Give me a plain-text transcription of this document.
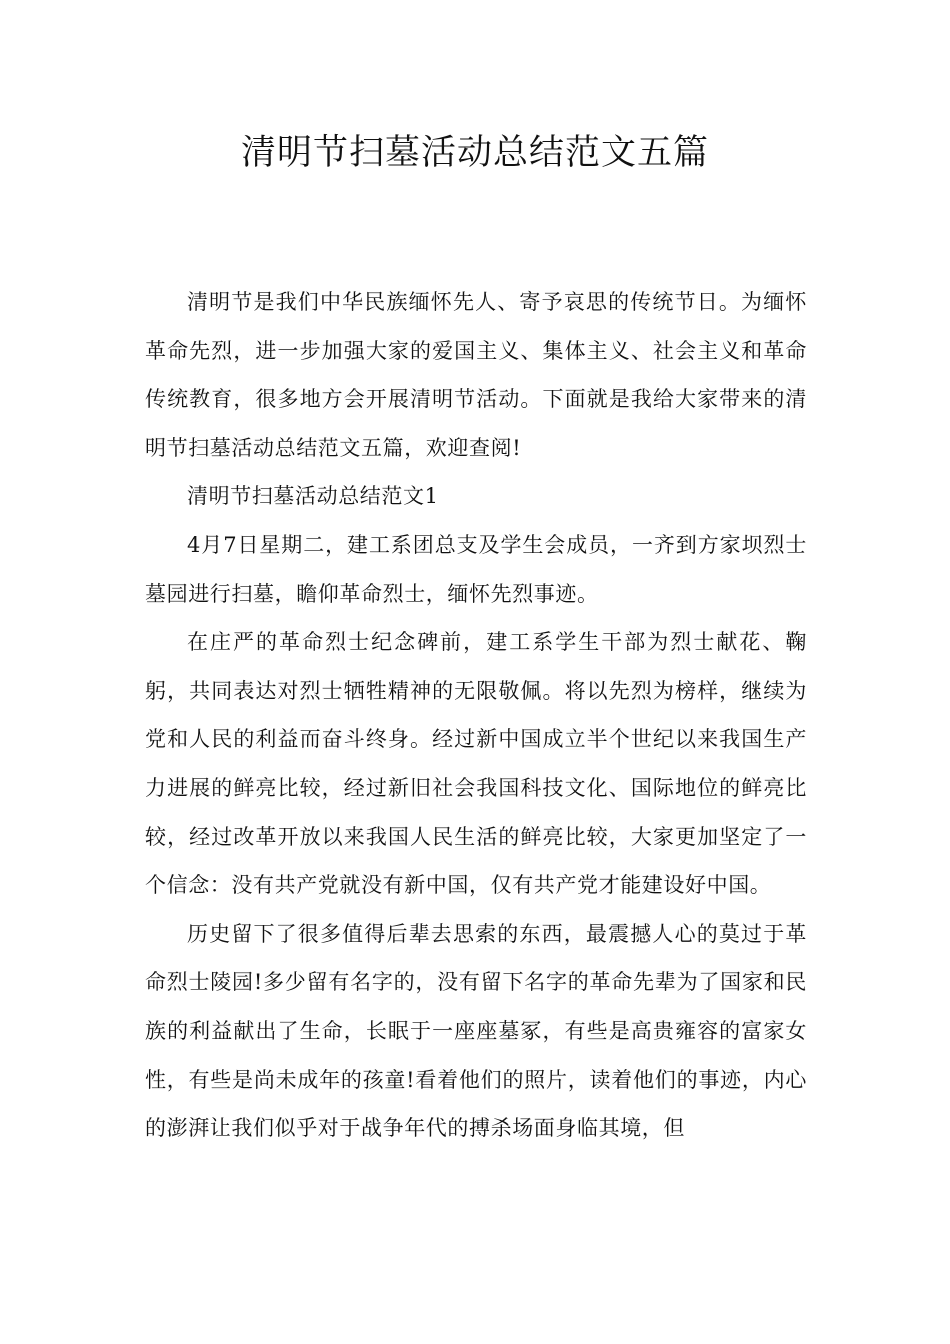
清明节扫墓活动总结范文五篇

清明节是我们中华民族缅怀先人、寄予哀思的传统节日。为缅怀革命先烈，进一步加强大家的爱国主义、集体主义、社会主义和革命传统教育，很多地方会开展清明节活动。下面就是我给大家带来的清明节扫墓活动总结范文五篇，欢迎查阅!

清明节扫墓活动总结范文1

4月7日星期二，建工系团总支及学生会成员，一齐到方家坝烈士墓园进行扫墓，瞻仰革命烈士，缅怀先烈事迹。

在庄严的革命烈士纪念碑前，建工系学生干部为烈士献花、鞠躬，共同表达对烈士牺牲精神的无限敬佩。将以先烈为榜样，继续为党和人民的利益而奋斗终身。经过新中国成立半个世纪以来我国生产力进展的鲜亮比较，经过新旧社会我国科技文化、国际地位的鲜亮比较，经过改革开放以来我国人民生活的鲜亮比较，大家更加坚定了一个信念：没有共产党就没有新中国，仅有共产党才能建设好中国。

历史留下了很多值得后辈去思索的东西，最震撼人心的莫过于革命烈士陵园!多少留有名字的，没有留下名字的革命先辈为了国家和民族的利益献出了生命，长眠于一座座墓冢，有些是高贵雍容的富家女性，有些是尚未成年的孩童!看着他们的照片，读着他们的事迹，内心的澎湃让我们似乎对于战争年代的搏杀场面身临其境，但
